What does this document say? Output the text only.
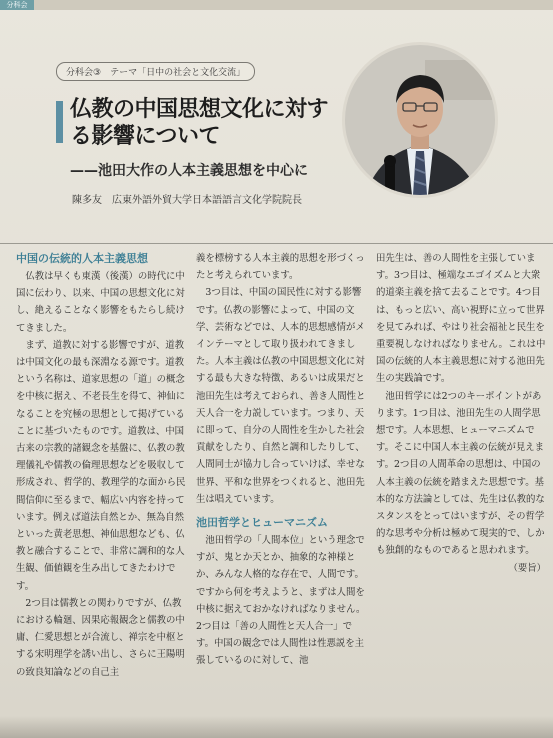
分科会
分科会③　テーマ「日中の社会と文化交流」
仏教の中国思想文化に対する影響について
——池田大作の人本主義思想を中心に
陳多友　広東外語外貿大学日本語語言文化学院院長
中国の伝統的人本主義思想

仏教は早くも東漢（後漢）の時代に中国に伝わり、以来、中国の思想文化に対し、絶えることなく影響をもたらし続けてきました。

まず、道教に対する影響ですが、道教は中国文化の最も深淵なる源です。道教という名称は、道家思想の「道」の概念を中核に据え、不老長生を得て、神仙になることを究極の思想として掲げていることに基づいたものです。道教は、中国古来の宗教的諸観念を基盤に、仏教の教理儀礼や儒教の倫理思想などを吸収して形成され、哲学的、教理学的な面から民間信仰に至るまで、幅広い内容を持っています。例えば道法自然とか、無為自然といった黄老思想、神仙思想なども、仏教と融合することで、非常に調和的な人生観、価値観を生み出してきたわけです。

2つ目は儒教との関わりですが、仏教における輪廻、因果応報観念と儒教の中庸、仁愛思想とが合流し、禅宗を中枢とする宋明理学を誘い出し、さらに王陽明の致良知論などの自己主

義を標榜する人本主義的思想を形づくったと考えられています。

3つ目は、中国の国民性に対する影響です。仏教の影響によって、中国の文学、芸術などでは、人本的思想感情がメインテーマとして取り扱われてきました。人本主義は仏教の中国思想文化に対する最も大きな特徴、あるいは成果だと池田先生は考えておられ、善き人間性と天人合一を力説しています。つまり、天に即って、自分の人間性を生かした社会貢献をしたり、自然と調和したりして、人間同士が協力し合っていけば、幸せな世界、平和な世界をつくれると、池田先生は唱えています。

池田哲学とヒューマニズム

池田哲学の「人間本位」という理念ですが、鬼とか天とか、抽象的な神様とか、みんな人格的な存在で、人間です。ですから何を考えようと、まずは人間を中核に据えておかなければなりません。2つ目は「善の人間性と天人合一」です。中国の観念では人間性は性悪説を主張しているのに対して、池

田先生は、善の人間性を主張しています。3つ目は、極端なエゴイズムと大衆的道楽主義を捨て去ることです。4つ目は、もっと広い、高い視野に立って世界を見てみれば、やはり社会福祉と民生を重要視しなければなりません。これは中国の伝統的人本主義思想に対する池田先生の実践論です。

池田哲学には2つのキーポイントがあります。1つ目は、池田先生の人間学思想です。人本思想、ヒューマニズムです。そこに中国人本主義の伝統が見えます。2つ目の人間革命の思想は、中国の人本主義の伝統を踏まえた思想です。基本的な方法論としては、先生は仏教的なスタンスをとってはいますが、その哲学的な思考や分析は極めて現実的で、しかも独創的なものであると思われます。

（要旨）
